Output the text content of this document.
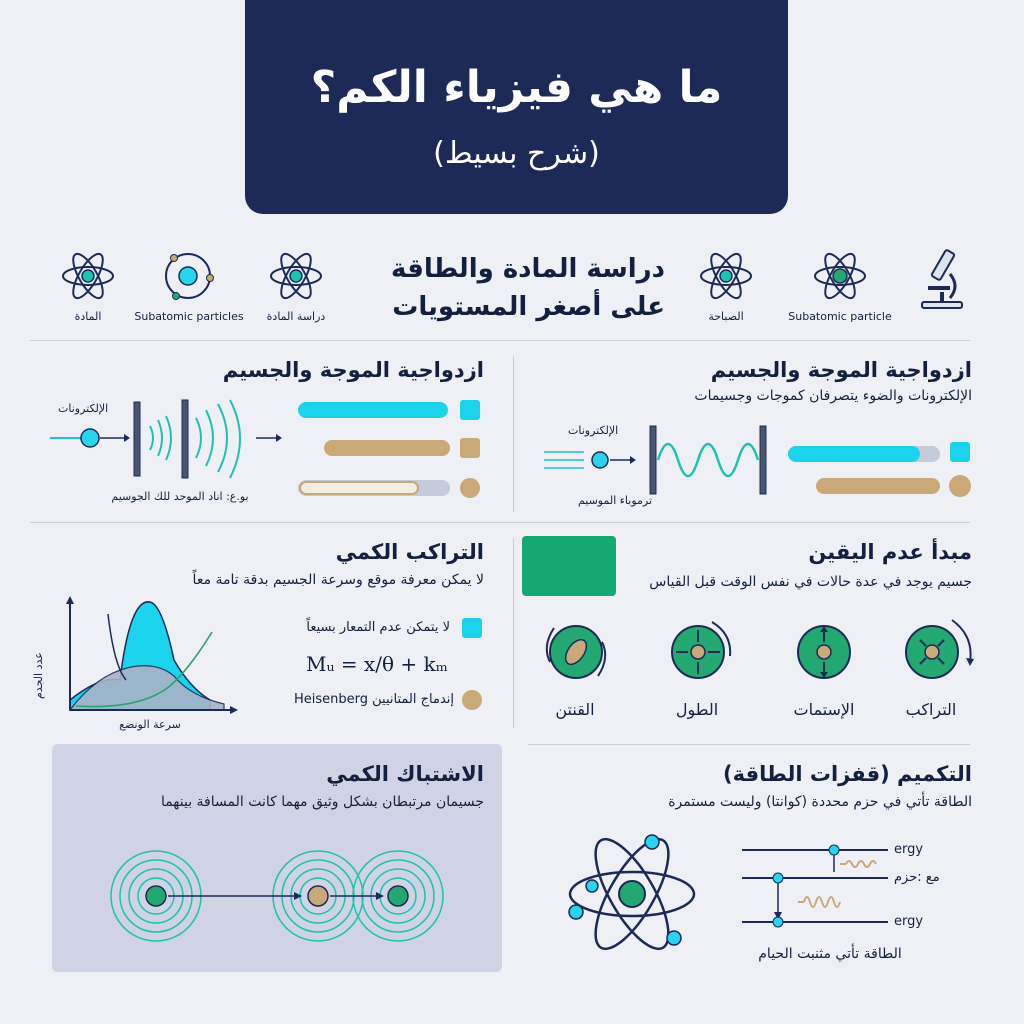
ما هي فيزياء الكم؟
(شرح بسيط)
دراسة المادة والطاقة
على أصغر المستويات
المادة	Subatomic particles	دراسة المادة	الصباحة	Subatomic particle
ازدواجية الموجة والجسيم
الإلكترونات
بو.ع: اناد الموحد للك الجوسيم
ازدواجية الموجة والجسيم
الإلكترونات والضوء يتصرفان كموجات وجسيمات
الإلكترونات
ترموباء الموسيم
التراكب الكمي
لا يمكن معرفة موقع وسرعة الجسيم بدقة تامة معاً
عدد الجدم
سرعة الونضع
لا يتمكن عدم التمعار بسيعاً
Mᵤ = x/θ + kₘ
إندماج المتانيين Heisenberg
مبدأ عدم اليقين
جسيم يوجد في عدة حالات في نفس الوقت قبل القياس
القنتن	الطول	الإستمات	التراكب
الاشتباك الكمي
جسيمان مرتبطان بشكل وثيق مهما كانت المسافة بينهما
التكميم (قفزات الطاقة)
الطاقة تأتي في حزم محددة (كوانتا) وليست مستمرة
ergy
مع :حزم
ergy
الطاقة تأتي مثنبت الحيام
